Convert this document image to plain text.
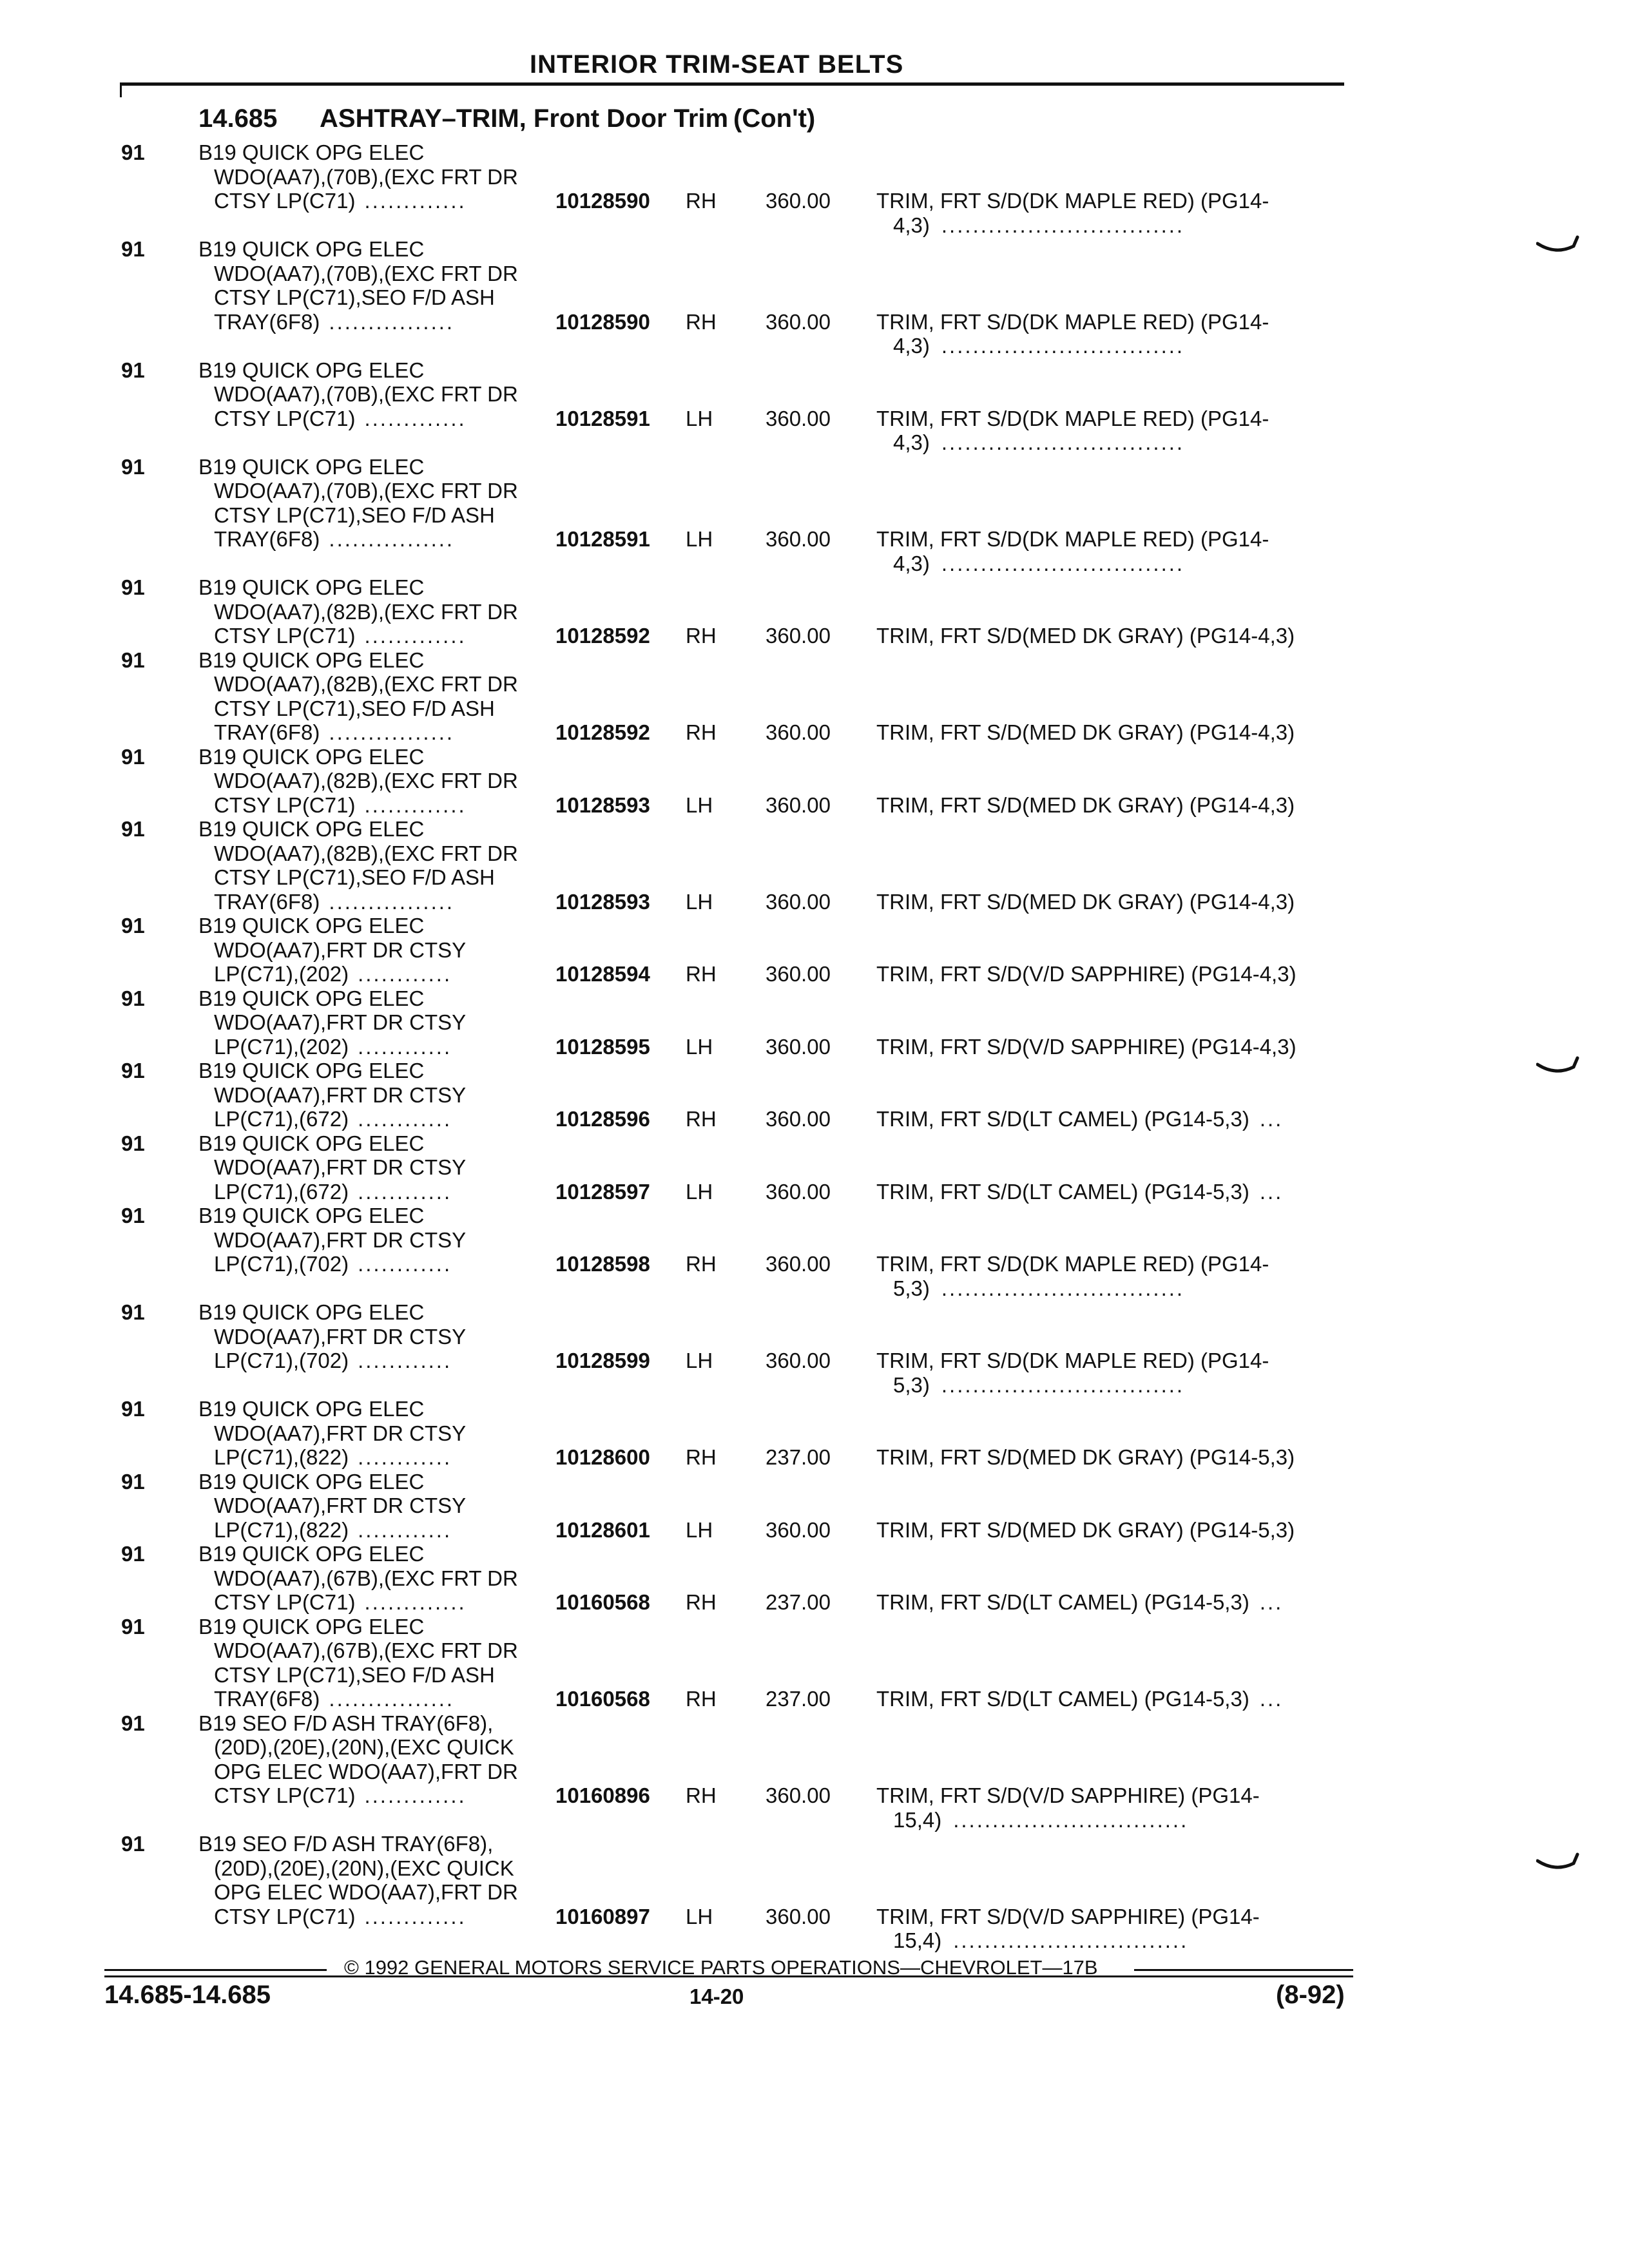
INTERIOR TRIM-SEAT BELTS
14.685 ASHTRAY–TRIM, Front Door Trim (Con't)
91	B19 QUICK OPG ELEC
WDO(AA7),(70B),(EXC FRT DR
CTSY LP(C71) .............	10128590 RH 360.00 TRIM, FRT S/D(DK MAPLE RED) (PG14-
4,3) ...............................
91	B19 QUICK OPG ELEC
WDO(AA7),(70B),(EXC FRT DR
CTSY LP(C71),SEO F/D ASH
TRAY(6F8) ................	10128590 RH 360.00 TRIM, FRT S/D(DK MAPLE RED) (PG14-
4,3) ...............................
91	B19 QUICK OPG ELEC
WDO(AA7),(70B),(EXC FRT DR
CTSY LP(C71) .............	10128591 LH 360.00 TRIM, FRT S/D(DK MAPLE RED) (PG14-
4,3) ...............................
91	B19 QUICK OPG ELEC
WDO(AA7),(70B),(EXC FRT DR
CTSY LP(C71),SEO F/D ASH
TRAY(6F8) ................	10128591 LH 360.00 TRIM, FRT S/D(DK MAPLE RED) (PG14-
4,3) ...............................
91	B19 QUICK OPG ELEC
WDO(AA7),(82B),(EXC FRT DR
CTSY LP(C71) .............	10128592 RH 360.00 TRIM, FRT S/D(MED DK GRAY) (PG14-4,3)
91	B19 QUICK OPG ELEC
WDO(AA7),(82B),(EXC FRT DR
CTSY LP(C71),SEO F/D ASH
TRAY(6F8) ................	10128592 RH 360.00 TRIM, FRT S/D(MED DK GRAY) (PG14-4,3)
91	B19 QUICK OPG ELEC
WDO(AA7),(82B),(EXC FRT DR
CTSY LP(C71) .............	10128593 LH 360.00 TRIM, FRT S/D(MED DK GRAY) (PG14-4,3)
91	B19 QUICK OPG ELEC
WDO(AA7),(82B),(EXC FRT DR
CTSY LP(C71),SEO F/D ASH
TRAY(6F8) ................	10128593 LH 360.00 TRIM, FRT S/D(MED DK GRAY) (PG14-4,3)
91	B19 QUICK OPG ELEC
WDO(AA7),FRT DR CTSY
LP(C71),(202) ............	10128594 RH 360.00 TRIM, FRT S/D(V/D SAPPHIRE) (PG14-4,3)
91	B19 QUICK OPG ELEC
WDO(AA7),FRT DR CTSY
LP(C71),(202) ............	10128595 LH 360.00 TRIM, FRT S/D(V/D SAPPHIRE) (PG14-4,3)
91	B19 QUICK OPG ELEC
WDO(AA7),FRT DR CTSY
LP(C71),(672) ............	10128596 RH 360.00 TRIM, FRT S/D(LT CAMEL) (PG14-5,3) ...
91	B19 QUICK OPG ELEC
WDO(AA7),FRT DR CTSY
LP(C71),(672) ............	10128597 LH 360.00 TRIM, FRT S/D(LT CAMEL) (PG14-5,3) ...
91	B19 QUICK OPG ELEC
WDO(AA7),FRT DR CTSY
LP(C71),(702) ............	10128598 RH 360.00 TRIM, FRT S/D(DK MAPLE RED) (PG14-
5,3) ...............................
91	B19 QUICK OPG ELEC
WDO(AA7),FRT DR CTSY
LP(C71),(702) ............	10128599 LH 360.00 TRIM, FRT S/D(DK MAPLE RED) (PG14-
5,3) ...............................
91	B19 QUICK OPG ELEC
WDO(AA7),FRT DR CTSY
LP(C71),(822) ............	10128600 RH 237.00 TRIM, FRT S/D(MED DK GRAY) (PG14-5,3)
91	B19 QUICK OPG ELEC
WDO(AA7),FRT DR CTSY
LP(C71),(822) ............	10128601 LH 360.00 TRIM, FRT S/D(MED DK GRAY) (PG14-5,3)
91	B19 QUICK OPG ELEC
WDO(AA7),(67B),(EXC FRT DR
CTSY LP(C71) .............	10160568 RH 237.00 TRIM, FRT S/D(LT CAMEL) (PG14-5,3) ...
91	B19 QUICK OPG ELEC
WDO(AA7),(67B),(EXC FRT DR
CTSY LP(C71),SEO F/D ASH
TRAY(6F8) ................	10160568 RH 237.00 TRIM, FRT S/D(LT CAMEL) (PG14-5,3) ...
91	B19 SEO F/D ASH TRAY(6F8),
(20D),(20E),(20N),(EXC QUICK
OPG ELEC WDO(AA7),FRT DR
CTSY LP(C71) .............	10160896 RH 360.00 TRIM, FRT S/D(V/D SAPPHIRE) (PG14-
15,4) ..............................
91	B19 SEO F/D ASH TRAY(6F8),
(20D),(20E),(20N),(EXC QUICK
OPG ELEC WDO(AA7),FRT DR
CTSY LP(C71) .............	10160897 LH 360.00 TRIM, FRT S/D(V/D SAPPHIRE) (PG14-
15,4) ..............................
© 1992 GENERAL MOTORS SERVICE PARTS OPERATIONS—CHEVROLET—17B
14.685-14.685	14-20	(8-92)
